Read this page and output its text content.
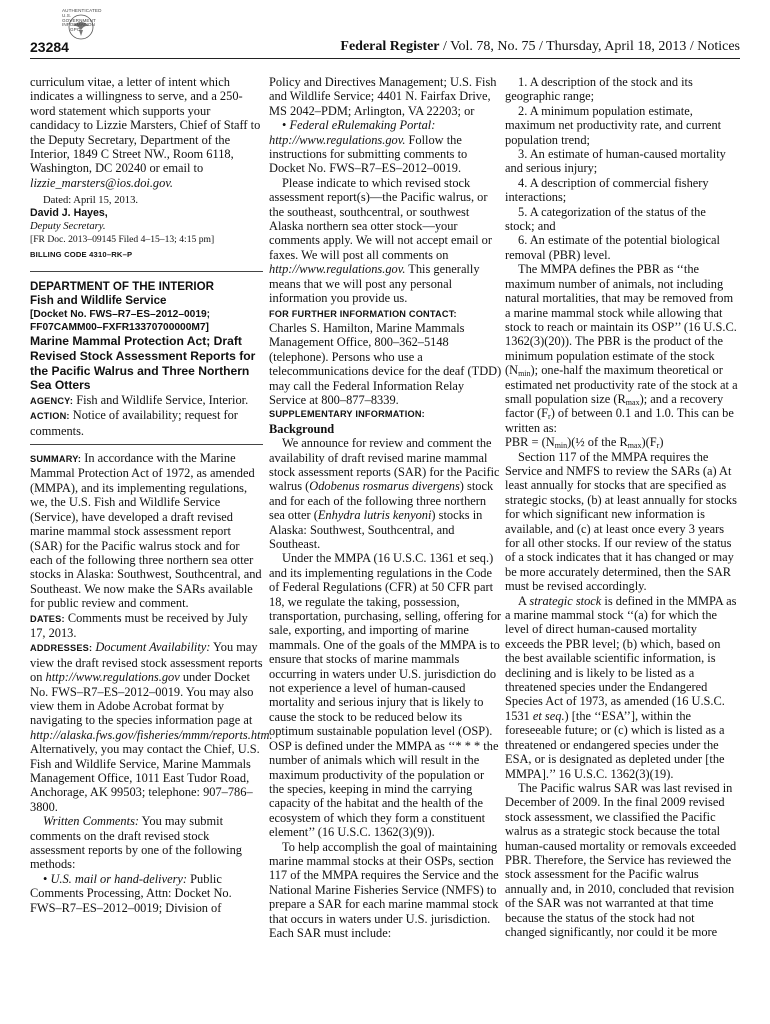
AUTHENTICATED
U.S. GOVERNMENT
INFORMATION
GPO
23284	Federal Register / Vol. 78, No. 75 / Thursday, April 18, 2013 / Notices

curriculum vitae, a letter of intent which indicates a willingness to serve, and a 250-word statement which supports your candidacy to Lizzie Marsters, Chief of Staff to the Deputy Secretary, Department of the Interior, 1849 C Street NW., Room 6118, Washington, DC 20240 or email to lizzie_marsters@ios.doi.gov.

Dated: April 15, 2013.

David J. Hayes,

Deputy Secretary.

[FR Doc. 2013–09145 Filed 4–15–13; 4:15 pm]

BILLING CODE 4310–RK–P

DEPARTMENT OF THE INTERIOR

Fish and Wildlife Service

[Docket No. FWS–R7–ES–2012–0019; FF07CAMM00–FXFR13370700000M7]

Marine Mammal Protection Act; Draft Revised Stock Assessment Reports for the Pacific Walrus and Three Northern Sea Otters

AGENCY: Fish and Wildlife Service, Interior.

ACTION: Notice of availability; request for comments.

SUMMARY: In accordance with the Marine Mammal Protection Act of 1972, as amended (MMPA), and its implementing regulations, we, the U.S. Fish and Wildlife Service (Service), have developed a draft revised marine mammal stock assessment report (SAR) for the Pacific walrus stock and for each of the following three northern sea otter stocks in Alaska: Southwest, Southcentral, and Southeast. We now make the SARs available for public review and comment.

DATES: Comments must be received by July 17, 2013.

ADDRESSES: Document Availability: You may view the draft revised stock assessment reports on http://www.regulations.gov under Docket No. FWS–R7–ES–2012–0019. You may also view them in Adobe Acrobat format by navigating to the species information page at http://alaska.fws.gov/fisheries/mmm/reports.htm. Alternatively, you may contact the Chief, U.S. Fish and Wildlife Service, Marine Mammals Management Office, 1011 East Tudor Road, Anchorage, AK 99503; telephone: 907–786–3800.

Written Comments: You may submit comments on the draft revised stock assessment reports by one of the following methods:

• U.S. mail or hand-delivery: Public Comments Processing, Attn: Docket No. FWS–R7–ES–2012–0019; Division of

Policy and Directives Management; U.S. Fish and Wildlife Service; 4401 N. Fairfax Drive, MS 2042–PDM; Arlington, VA 22203; or

• Federal eRulemaking Portal: http://www.regulations.gov. Follow the instructions for submitting comments to Docket No. FWS–R7–ES–2012–0019.

Please indicate to which revised stock assessment report(s)—the Pacific walrus, or the southeast, southcentral, or southwest Alaska northern sea otter stock—your comments apply. We will not accept email or faxes. We will post all comments on http://www.regulations.gov. This generally means that we will post any personal information you provide us.

FOR FURTHER INFORMATION CONTACT:

Charles S. Hamilton, Marine Mammals Management Office, 800–362–5148 (telephone). Persons who use a telecommunications device for the deaf (TDD) may call the Federal Information Relay Service at 800–877–8339.

SUPPLEMENTARY INFORMATION:

Background

We announce for review and comment the availability of draft revised marine mammal stock assessment reports (SAR) for the Pacific walrus (Odobenus rosmarus divergens) stock and for each of the following three northern sea otter (Enhydra lutris kenyoni) stocks in Alaska: Southwest, Southcentral, and Southeast.

Under the MMPA (16 U.S.C. 1361 et seq.) and its implementing regulations in the Code of Federal Regulations (CFR) at 50 CFR part 18, we regulate the taking, possession, transportation, purchasing, selling, offering for sale, exporting, and importing of marine mammals. One of the goals of the MMPA is to ensure that stocks of marine mammals occurring in waters under U.S. jurisdiction do not experience a level of human-caused mortality and serious injury that is likely to cause the stock to be reduced below its optimum sustainable population level (OSP). OSP is defined under the MMPA as ‘‘* * * the number of animals which will result in the maximum productivity of the population or the species, keeping in mind the carrying capacity of the habitat and the health of the ecosystem of which they form a constituent element’’ (16 U.S.C. 1362(3)(9)).

To help accomplish the goal of maintaining marine mammal stocks at their OSPs, section 117 of the MMPA requires the Service and the National Marine Fisheries Service (NMFS) to prepare a SAR for each marine mammal stock that occurs in waters under U.S. jurisdiction. Each SAR must include:

1. A description of the stock and its geographic range;

2. A minimum population estimate, maximum net productivity rate, and current population trend;

3. An estimate of human-caused mortality and serious injury;

4. A description of commercial fishery interactions;

5. A categorization of the status of the stock; and

6. An estimate of the potential biological removal (PBR) level.

The MMPA defines the PBR as ‘‘the maximum number of animals, not including natural mortalities, that may be removed from a marine mammal stock while allowing that stock to reach or maintain its OSP’’ (16 U.S.C. 1362(3)(20)). The PBR is the product of the minimum population estimate of the stock $(N_{min})$; one-half the maximum theoretical or estimated net productivity rate of the stock at a small population size $(R_{max})$; and a recovery factor $(F_r)$ of between 0.1 and 1.0. This can be written as:

PBR = $(N_{min})(\frac{1}{2}$ of the $R_{max})(F_r)$

Section 117 of the MMPA requires the Service and NMFS to review the SARs (a) At least annually for stocks that are specified as strategic stocks, (b) at least annually for stocks for which significant new information is available, and (c) at least once every 3 years for all other stocks. If our review of the status of a stock indicates that it has changed or may be more accurately determined, then the SAR must be revised accordingly.

A strategic stock is defined in the MMPA as a marine mammal stock ‘‘(a) for which the level of direct human-caused mortality exceeds the PBR level; (b) which, based on the best available scientific information, is declining and is likely to be listed as a threatened species under the Endangered Species Act of 1973, as amended (16 U.S.C. 1531 et seq.) [the ‘‘ESA’’], within the foreseeable future; or (c) which is listed as a threatened or endangered species under the ESA, or is designated as depleted under [the MMPA].’’ 16 U.S.C. 1362(3)(19).

The Pacific walrus SAR was last revised in December of 2009. In the final 2009 revised stock assessment, we classified the Pacific walrus as a strategic stock because the total human-caused mortality or removals exceeded PBR. Therefore, the Service has reviewed the stock assessment for the Pacific walrus annually and, in 2010, concluded that revision of the SAR was not warranted at that time because the status of the stock had not changed significantly, nor could it be more
